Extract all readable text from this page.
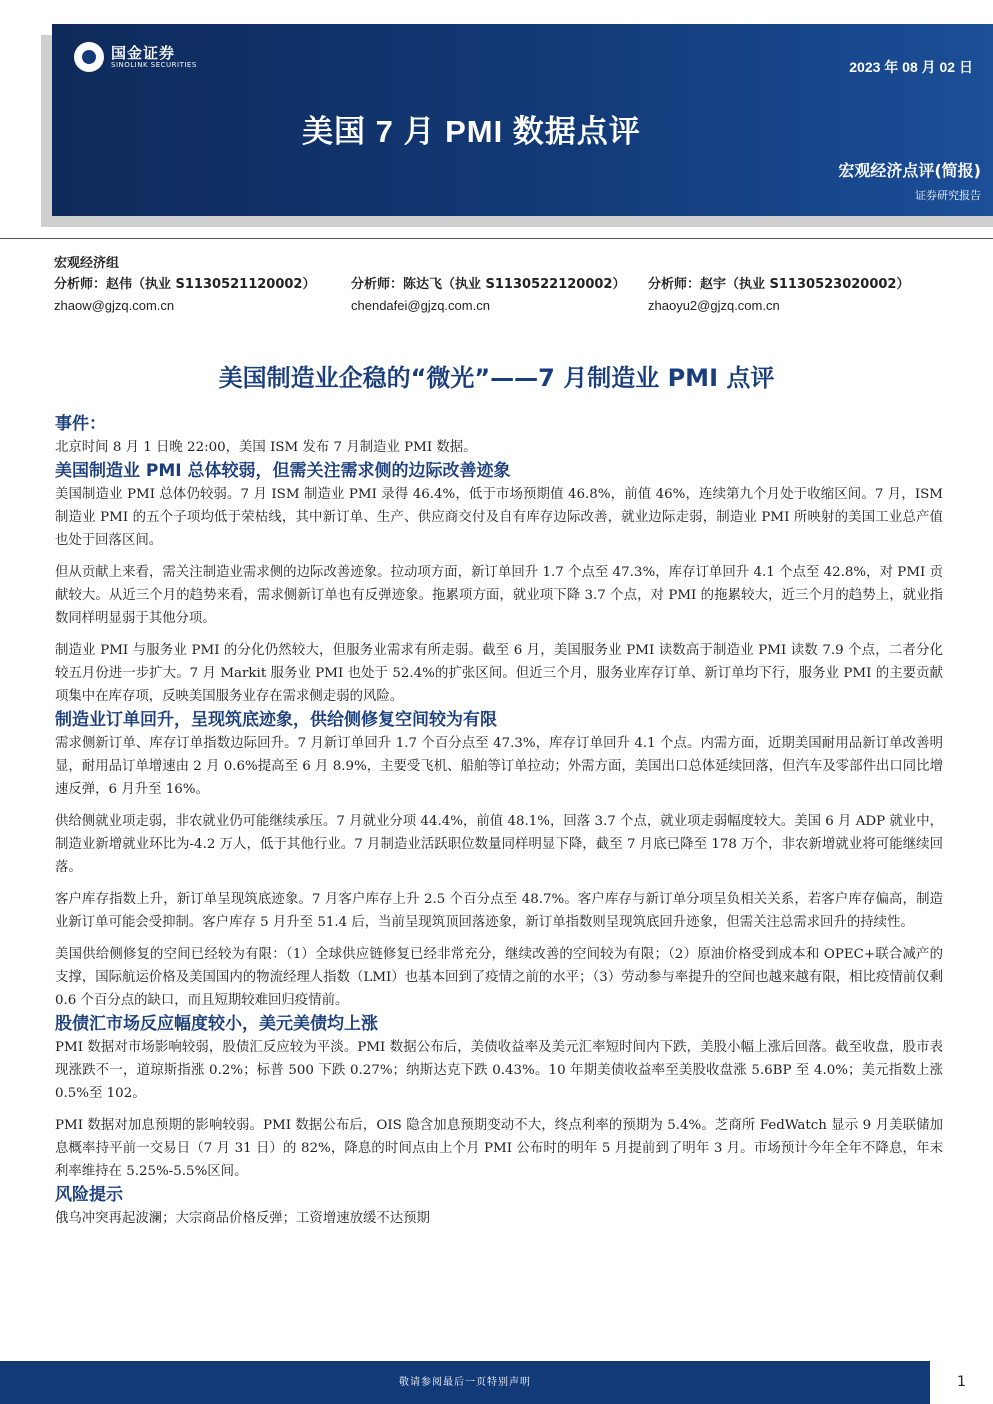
国金证券
SINOLINK SECURITIES	2023 年 08 月 02 日
美国 7 月 PMI 数据点评
宏观经济点评(简报)
证券研究报告
宏观经济组
分析师：赵伟（执业 S1130521120002）
zhaow@gjzq.com.cn
分析师：陈达飞（执业 S1130522120002）
chendafei@gjzq.com.cn
分析师：赵宇（执业 S1130523020002）
zhaoyu2@gjzq.com.cn
美国制造业企稳的“微光”——7 月制造业 PMI 点评
事件：

北京时间 8 月 1 日晚 22:00，美国 ISM 发布 7 月制造业 PMI 数据。

美国制造业 PMI 总体较弱，但需关注需求侧的边际改善迹象

美国制造业 PMI 总体仍较弱。7 月 ISM 制造业 PMI 录得 46.4%，低于市场预期值 46.8%，前值 46%，连续第九个月处于收缩区间。7 月，ISM 制造业 PMI 的五个子项均低于荣枯线，其中新订单、生产、供应商交付及自有库存边际改善，就业边际走弱，制造业 PMI 所映射的美国工业总产值也处于回落区间。

但从贡献上来看，需关注制造业需求侧的边际改善迹象。拉动项方面，新订单回升 1.7 个点至 47.3%，库存订单回升 4.1 个点至 42.8%，对 PMI 贡献较大。从近三个月的趋势来看，需求侧新订单也有反弹迹象。拖累项方面，就业项下降 3.7 个点，对 PMI 的拖累较大，近三个月的趋势上，就业指数同样明显弱于其他分项。

制造业 PMI 与服务业 PMI 的分化仍然较大，但服务业需求有所走弱。截至 6 月，美国服务业 PMI 读数高于制造业 PMI 读数 7.9 个点，二者分化较五月份进一步扩大。7 月 Markit 服务业 PMI 也处于 52.4%的扩张区间。但近三个月，服务业库存订单、新订单均下行，服务业 PMI 的主要贡献项集中在库存项，反映美国服务业存在需求侧走弱的风险。

制造业订单回升，呈现筑底迹象，供给侧修复空间较为有限

需求侧新订单、库存订单指数边际回升。7 月新订单回升 1.7 个百分点至 47.3%，库存订单回升 4.1 个点。内需方面，近期美国耐用品新订单改善明显，耐用品订单增速由 2 月 0.6%提高至 6 月 8.9%，主要受飞机、船舶等订单拉动；外需方面，美国出口总体延续回落，但汽车及零部件出口同比增速反弹，6 月升至 16%。

供给侧就业项走弱，非农就业仍可能继续承压。7 月就业分项 44.4%，前值 48.1%，回落 3.7 个点，就业项走弱幅度较大。美国 6 月 ADP 就业中，制造业新增就业环比为-4.2 万人，低于其他行业。7 月制造业活跃职位数量同样明显下降，截至 7 月底已降至 178 万个，非农新增就业将可能继续回落。

客户库存指数上升，新订单呈现筑底迹象。7 月客户库存上升 2.5 个百分点至 48.7%。客户库存与新订单分项呈负相关关系，若客户库存偏高，制造业新订单可能会受抑制。客户库存 5 月升至 51.4 后，当前呈现筑顶回落迹象，新订单指数则呈现筑底回升迹象，但需关注总需求回升的持续性。

美国供给侧修复的空间已经较为有限：（1）全球供应链修复已经非常充分，继续改善的空间较为有限；（2）原油价格受到成本和 OPEC+联合减产的支撑，国际航运价格及美国国内的物流经理人指数（LMI）也基本回到了疫情之前的水平；（3）劳动参与率提升的空间也越来越有限，相比疫情前仅剩 0.6 个百分点的缺口，而且短期较难回归疫情前。

股债汇市场反应幅度较小，美元美债均上涨

PMI 数据对市场影响较弱，股债汇反应较为平淡。PMI 数据公布后，美债收益率及美元汇率短时间内下跌，美股小幅上涨后回落。截至收盘，股市表现涨跌不一，道琼斯指涨 0.2%；标普 500 下跌 0.27%；纳斯达克下跌 0.43%。10 年期美债收益率至美股收盘涨 5.6BP 至 4.0%；美元指数上涨 0.5%至 102。

PMI 数据对加息预期的影响较弱。PMI 数据公布后，OIS 隐含加息预期变动不大，终点利率的预期为 5.4%。芝商所 FedWatch 显示 9 月美联储加息概率持平前一交易日（7 月 31 日）的 82%，降息的时间点由上个月 PMI 公布时的明年 5 月提前到了明年 3 月。市场预计今年全年不降息，年末利率维持在 5.25%-5.5%区间。

风险提示

俄乌冲突再起波澜；大宗商品价格反弹；工资增速放缓不达预期

敬请参阅最后一页特别声明	1
